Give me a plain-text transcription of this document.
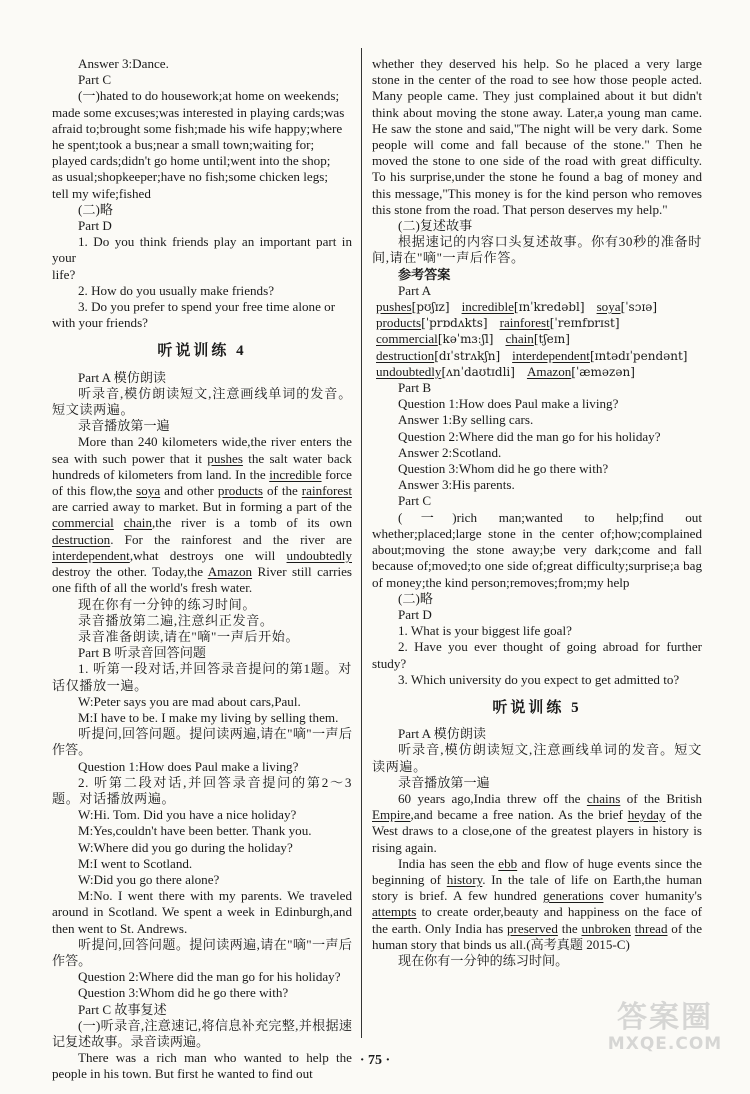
Answer 3:Dance.

Part C

(一)hated to do housework;at home on weekends;

made some excuses;was interested in playing cards;was

afraid to;brought some fish;made his wife happy;where

he spent;took a bus;near a small town;waiting for;

played cards;didn't go home until;went into the shop;

as usual;shopkeeper;have no fish;some chicken legs;

tell my wife;fished

(二)略

Part D

1. Do you think friends play an important part in your

life?

2. How do you usually make friends?

3. Do you prefer to spend your free time alone or

with your friends?

听说训练 4

Part A 模仿朗读

听录音,模仿朗读短文,注意画线单词的发音。短文读两遍。

录音播放第一遍

More than 240 kilometers wide,the river enters the sea with such power that it pushes the salt water back hundreds of kilometers from land. In the incredible force of this flow,the soya and other products of the rainforest are carried away to market. But in forming a part of the commercial chain,the river is a tomb of its own destruction. For the rainforest and the river are interdependent,what destroys one will undoubtedly destroy the other. Today,the Amazon River still carries one fifth of all the world's fresh water.

现在你有一分钟的练习时间。

录音播放第二遍,注意纠正发音。

录音准备朗读,请在"嘀"一声后开始。

Part B 听录音回答问题

1. 听第一段对话,并回答录音提问的第1题。对话仅播放一遍。

W:Peter says you are mad about cars,Paul.

M:I have to be. I make my living by selling them.

听提问,回答问题。提问读两遍,请在"嘀"一声后作答。

Question 1:How does Paul make a living?

2. 听第二段对话,并回答录音提问的第2～3题。对话播放两遍。

W:Hi. Tom. Did you have a nice holiday?

M:Yes,couldn't have been better. Thank you.

W:Where did you go during the holiday?

M:I went to Scotland.

W:Did you go there alone?

M:No. I went there with my parents. We traveled around in Scotland. We spent a week in Edinburgh,and then went to St. Andrews.

听提问,回答问题。提问读两遍,请在"嘀"一声后作答。

Question 2:Where did the man go for his holiday?

Question 3:Whom did he go there with?

Part C 故事复述

(一)听录音,注意速记,将信息补充完整,并根据速记复述故事。录音读两遍。

There was a rich man who wanted to help the people in his town. But first he wanted to find out

whether they deserved his help. So he placed a very large stone in the center of the road to see how those people acted. Many people came. They just complained about it but didn't think about moving the stone away. Later,a young man came. He saw the stone and said,"The night will be very dark. Some people will come and fall because of the stone." Then he moved the stone to one side of the road with great difficulty. To his surprise,under the stone he found a bag of money and this message,"This money is for the kind person who removes this stone from the road. That person deserves my help."

(二)复述故事

根据速记的内容口头复述故事。你有30秒的准备时间,请在"嘀"一声后作答。

参考答案

Part A

pushes[pʊʃɪz] incredible[ɪnˈkredəbl] soya[ˈsɔɪə]
products[ˈprɒdʌkts] rainforest[ˈreɪnfɒrɪst]
commercial[kəˈmɜːʃl] chain[tʃeɪn]
destruction[dɪˈstrʌkʃn] interdependent[ɪntədɪˈpendənt]
undoubtedly[ʌnˈdaʊtɪdli] Amazon[ˈæməzən]

Part B

Question 1:How does Paul make a living?

Answer 1:By selling cars.

Question 2:Where did the man go for his holiday?

Answer 2:Scotland.

Question 3:Whom did he go there with?

Answer 3:His parents.

Part C

(一)rich man;wanted to help;find out whether;placed;large stone in the center of;how;complained about;moving the stone away;be very dark;come and fall because of;moved;to one side of;great difficulty;surprise;a bag of money;the kind person;removes;from;my help

(二)略

Part D

1. What is your biggest life goal?

2. Have you ever thought of going abroad for further study?

3. Which university do you expect to get admitted to?

听说训练 5

Part A 模仿朗读

听录音,模仿朗读短文,注意画线单词的发音。短文读两遍。

录音播放第一遍

60 years ago,India threw off the chains of the British Empire,and became a free nation. As the brief heyday of the West draws to a close,one of the greatest players in history is rising again.
India has seen the ebb and flow of huge events since the beginning of history. In the tale of life on Earth,the human story is brief. A few hundred generations cover humanity's attempts to create order,beauty and happiness on the face of the earth. Only India has preserved the unbroken thread of the human story that binds us all.(高考真题 2015-C)

现在你有一分钟的练习时间。

· 75 ·
答案圈
MXQE.COM
